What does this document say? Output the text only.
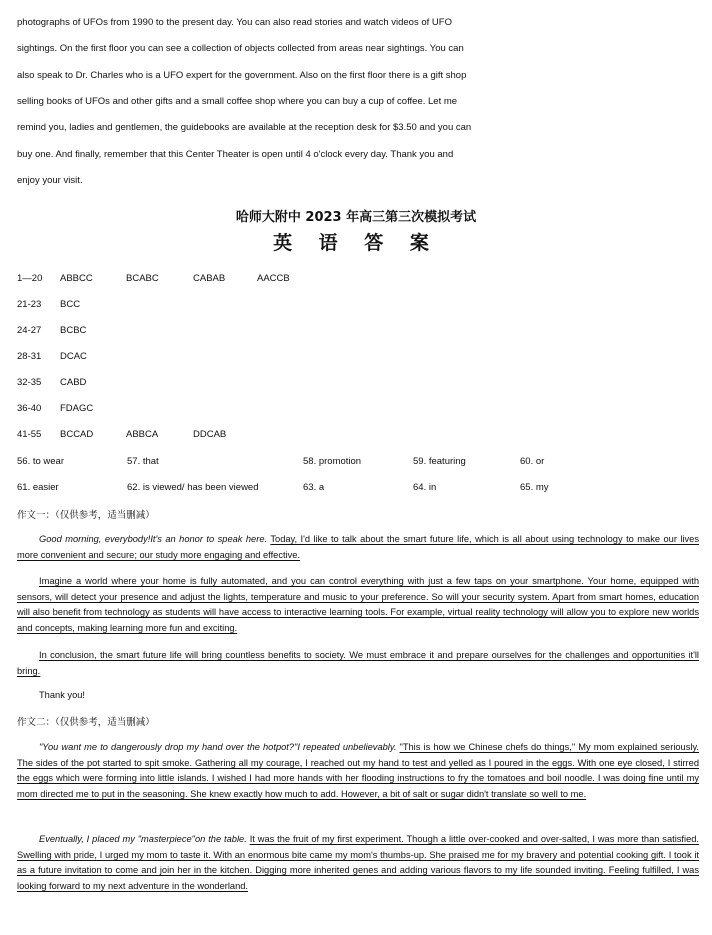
photographs of UFOs from 1990 to the present day. You can also read stories and watch videos of UFO

sightings. On the first floor you can see a collection of objects collected from areas near sightings. You can

also speak to Dr. Charles who is a UFO expert for the government. Also on the first floor there is a gift shop

selling books of UFOs and other gifts and a small coffee shop where you can buy a cup of coffee. Let me

remind you, ladies and gentlemen, the guidebooks are available at the reception desk for $3.50 and you can

buy one. And finally, remember that this Center Theater is open until 4 o'clock every day. Thank you and

enjoy your visit.

哈师大附中 2023 年高三第三次模拟考试
英 语 答 案
1—20 ABBCC	BCABC	CABAB	AACCB
21-23 BCC
24-27 BCBC
28-31 DCAC
32-35 CABD
36-40 FDAGC
41-55 BCCAD	ABBCA	DDCAB
56. to wear	57. that	58. promotion	59. featuring	60. or
61. easier	62. is viewed/ has been viewed	63. a	64. in	65. my
作文一：（仅供参考，适当删减）

Good morning, everybody!It's an honor to speak here. Today, I'd like to talk about the smart future life, which is all about using technology to make our lives more convenient and secure; our study more engaging and effective.

Imagine a world where your home is fully automated, and you can control everything with just a few taps on your smartphone. Your home, equipped with sensors, will detect your presence and adjust the lights, temperature and music to your preference. So will your security system. Apart from smart homes, education will also benefit from technology as students will have access to interactive learning tools. For example, virtual reality technology will allow you to explore new worlds and concepts, making learning more fun and exciting.

In conclusion, the smart future life will bring countless benefits to society. We must embrace it and prepare ourselves for the challenges and opportunities it'll bring.

Thank you!

作文二：（仅供参考，适当删减）

"You want me to dangerously drop my hand over the hotpot?"I repeated unbelievably. "This is how we Chinese chefs do things," My mom explained seriously. The sides of the pot started to spit smoke. Gathering all my courage, I reached out my hand to test and yelled as I poured in the eggs. With one eye closed, I stirred the eggs which were forming into little islands. I wished I had more hands with her flooding instructions to fry the tomatoes and boil noodle. I was doing fine until my mom directed me to put in the seasoning. She knew exactly how much to add. However, a bit of salt or sugar didn't translate so well to me.

Eventually, I placed my "masterpiece"on the table. It was the fruit of my first experiment. Though a little over-cooked and over-salted, I was more than satisfied. Swelling with pride, I urged my mom to taste it. With an enormous bite came my mom's thumbs-up. She praised me for my bravery and potential cooking gift. I took it as a future invitation to come and join her in the kitchen. Digging more inherited genes and adding various flavors to my life sounded inviting. Feeling fulfilled, I was looking forward to my next adventure in the wonderland.
